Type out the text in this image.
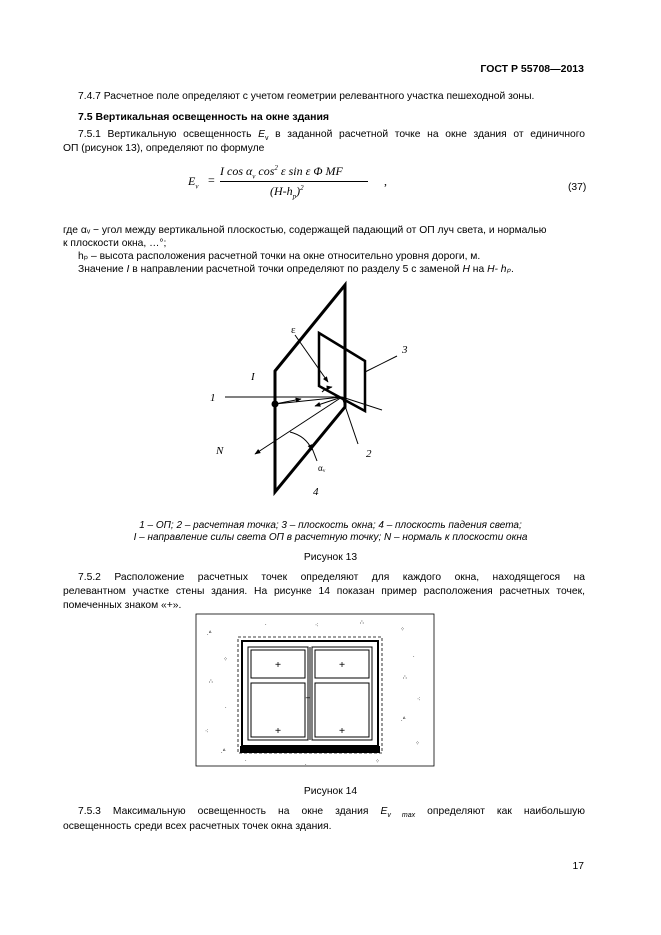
ГОСТ Р 55708—2013
7.4.7 Расчетное поле определяют с учетом геометрии релевантного участка пешеходной зоны.
7.5 Вертикальная освещенность на окне здания
7.5.1 Вертикальную освещенность $E_v$ в заданной расчетной точке на окне здания от единичного
ОП (рисунок 13), определяют по формуле
$E_v$ =
I $\cos \alpha_v$ $\cos^2 \varepsilon$ sin ε Φ MF
$(H-h_p)^2$	,	(37)
где αᵥ − угол между вертикальной плоскостью, содержащей падающий от ОП луч света, и нормалью
к плоскости окна, …°;
hₚ – высота расположения расчетной точки на окне относительно уровня дороги, м.
Значение I в направлении расчетной точки определяют по разделу 5 с заменой H на H- hₚ.
1
2
3
4
I
N
ε
αᵥ
1 – ОП; 2 – расчетная точка; 3 – плоскость окна; 4 – плоскость падения света;
I – направление силы света ОП в расчетную точку; N – нормаль к плоскости окна
Рисунок 13
7.5.2 Расположение расчетных точек определяют для каждого окна, находящегося на
релевантном участке стены здания. На рисунке 14 показан пример расположения расчетных точек,
помеченных знаком «+».
.ᐞ
⁘
∴
.
⁖
.ᐞ
⁘
.
∴
⁖
.ᐞ
⁘
.	⁖	∴
.	⁘
.
+	+
+	+
+
Рисунок 14
7.5.3 Максимальную освещенность на окне здания $E_{v max}$ определяют как наибольшую
освещенность среди всех расчетных точек окна здания.
17
